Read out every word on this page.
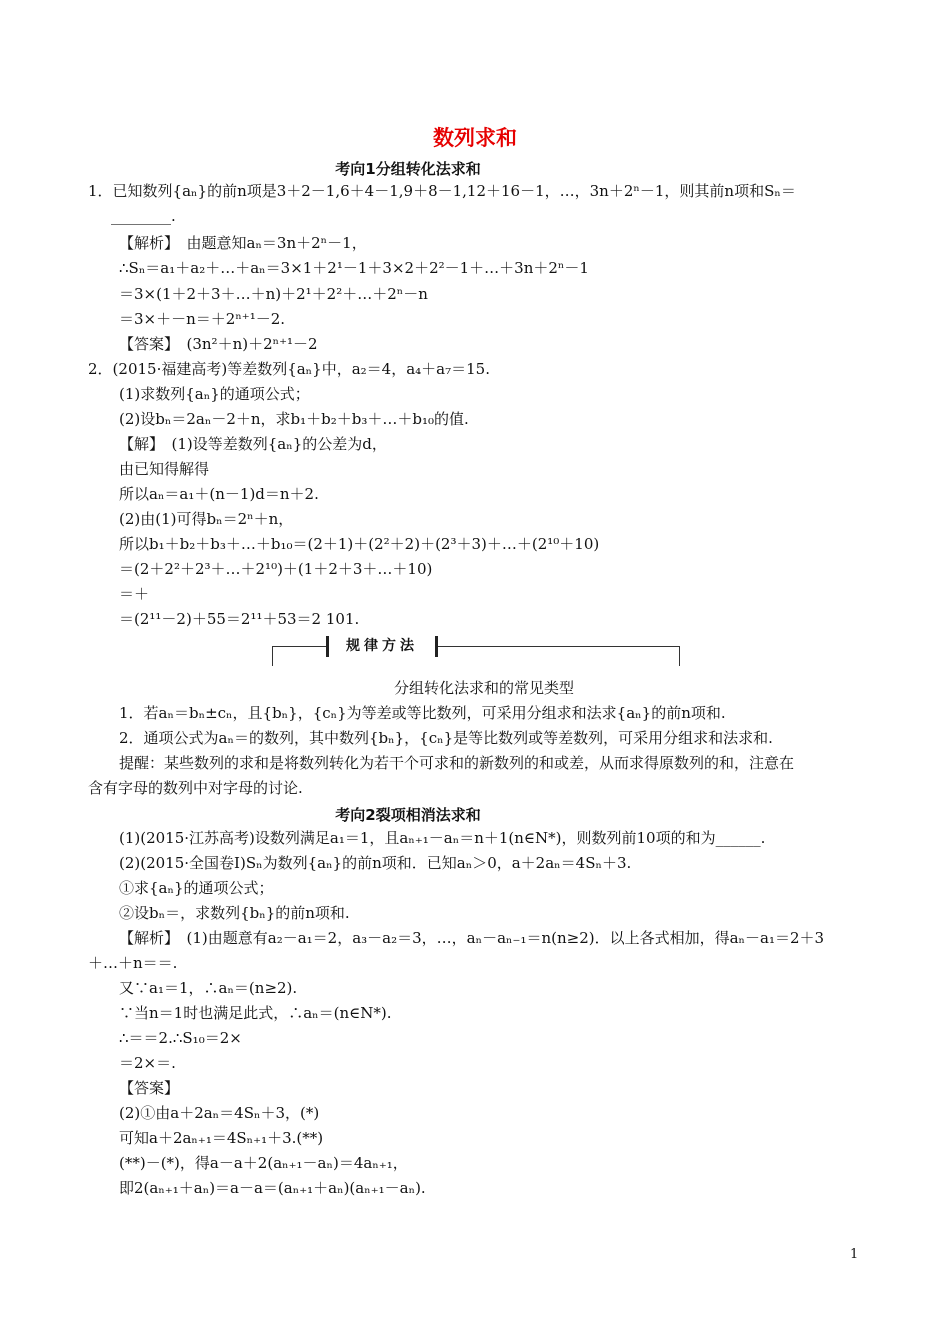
数列求和
考向1分组转化法求和
1．已知数列{aₙ}的前n项是3＋2－1,6＋4－1,9＋8－1,12＋16－1，…，3n＋2ⁿ－1，则其前n项和Sₙ＝
________.
【解析】　由题意知aₙ＝3n＋2ⁿ－1，
∴Sₙ＝a₁＋a₂＋…＋aₙ＝3×1＋2¹－1＋3×2＋2²－1＋…＋3n＋2ⁿ－1
＝3×(1＋2＋3＋…＋n)＋2¹＋2²＋…＋2ⁿ－n
＝3×＋－n＝＋2ⁿ⁺¹－2.
【答案】　(3n²＋n)＋2ⁿ⁺¹－2
2．(2015·福建高考)等差数列{aₙ}中，a₂＝4，a₄＋a₇＝15.
(1)求数列{aₙ}的通项公式；
(2)设bₙ＝2aₙ－2＋n，求b₁＋b₂＋b₃＋…＋b₁₀的值.
【解】　(1)设等差数列{aₙ}的公差为d，
由已知得解得
所以aₙ＝a₁＋(n－1)d＝n＋2.
(2)由(1)可得bₙ＝2ⁿ＋n，
所以b₁＋b₂＋b₃＋…＋b₁₀＝(2＋1)＋(2²＋2)＋(2³＋3)＋…＋(2¹⁰＋10)
＝(2＋2²＋2³＋…＋2¹⁰)＋(1＋2＋3＋…＋10)
＝＋
＝(2¹¹－2)＋55＝2¹¹＋53＝2 101.
规律方法
分组转化法求和的常见类型
1．若aₙ＝bₙ±cₙ，且{bₙ}，{cₙ}为等差或等比数列，可采用分组求和法求{aₙ}的前n项和.
2．通项公式为aₙ＝的数列，其中数列{bₙ}，{cₙ}是等比数列或等差数列，可采用分组求和法求和.
提醒：某些数列的求和是将数列转化为若干个可求和的新数列的和或差，从而求得原数列的和，注意在
含有字母的数列中对字母的讨论.
考向2裂项相消法求和
(1)(2015·江苏高考)设数列满足a₁＝1，且aₙ₊₁－aₙ＝n＋1(n∈N*)，则数列前10项的和为______.
(2)(2015·全国卷Ⅰ)Sₙ为数列{aₙ}的前n项和．已知aₙ＞0，a＋2aₙ＝4Sₙ＋3.
①求{aₙ}的通项公式；
②设bₙ＝，求数列{bₙ}的前n项和.
【解析】　(1)由题意有a₂－a₁＝2，a₃－a₂＝3，…，aₙ－aₙ₋₁＝n(n≥2)．以上各式相加，得aₙ－a₁＝2＋3
＋…＋n＝＝.
又∵a₁＝1，∴aₙ＝(n≥2).
∵当n＝1时也满足此式，∴aₙ＝(n∈N*).
∴＝＝2.∴S₁₀＝2×
＝2×＝.
【答案】
(2)①由a＋2aₙ＝4Sₙ＋3，(*)
可知a＋2aₙ₊₁＝4Sₙ₊₁＋3.(**)
(**)－(*)，得a－a＋2(aₙ₊₁－aₙ)＝4aₙ₊₁，
即2(aₙ₊₁＋aₙ)＝a－a＝(aₙ₊₁＋aₙ)(aₙ₊₁－aₙ).
1
